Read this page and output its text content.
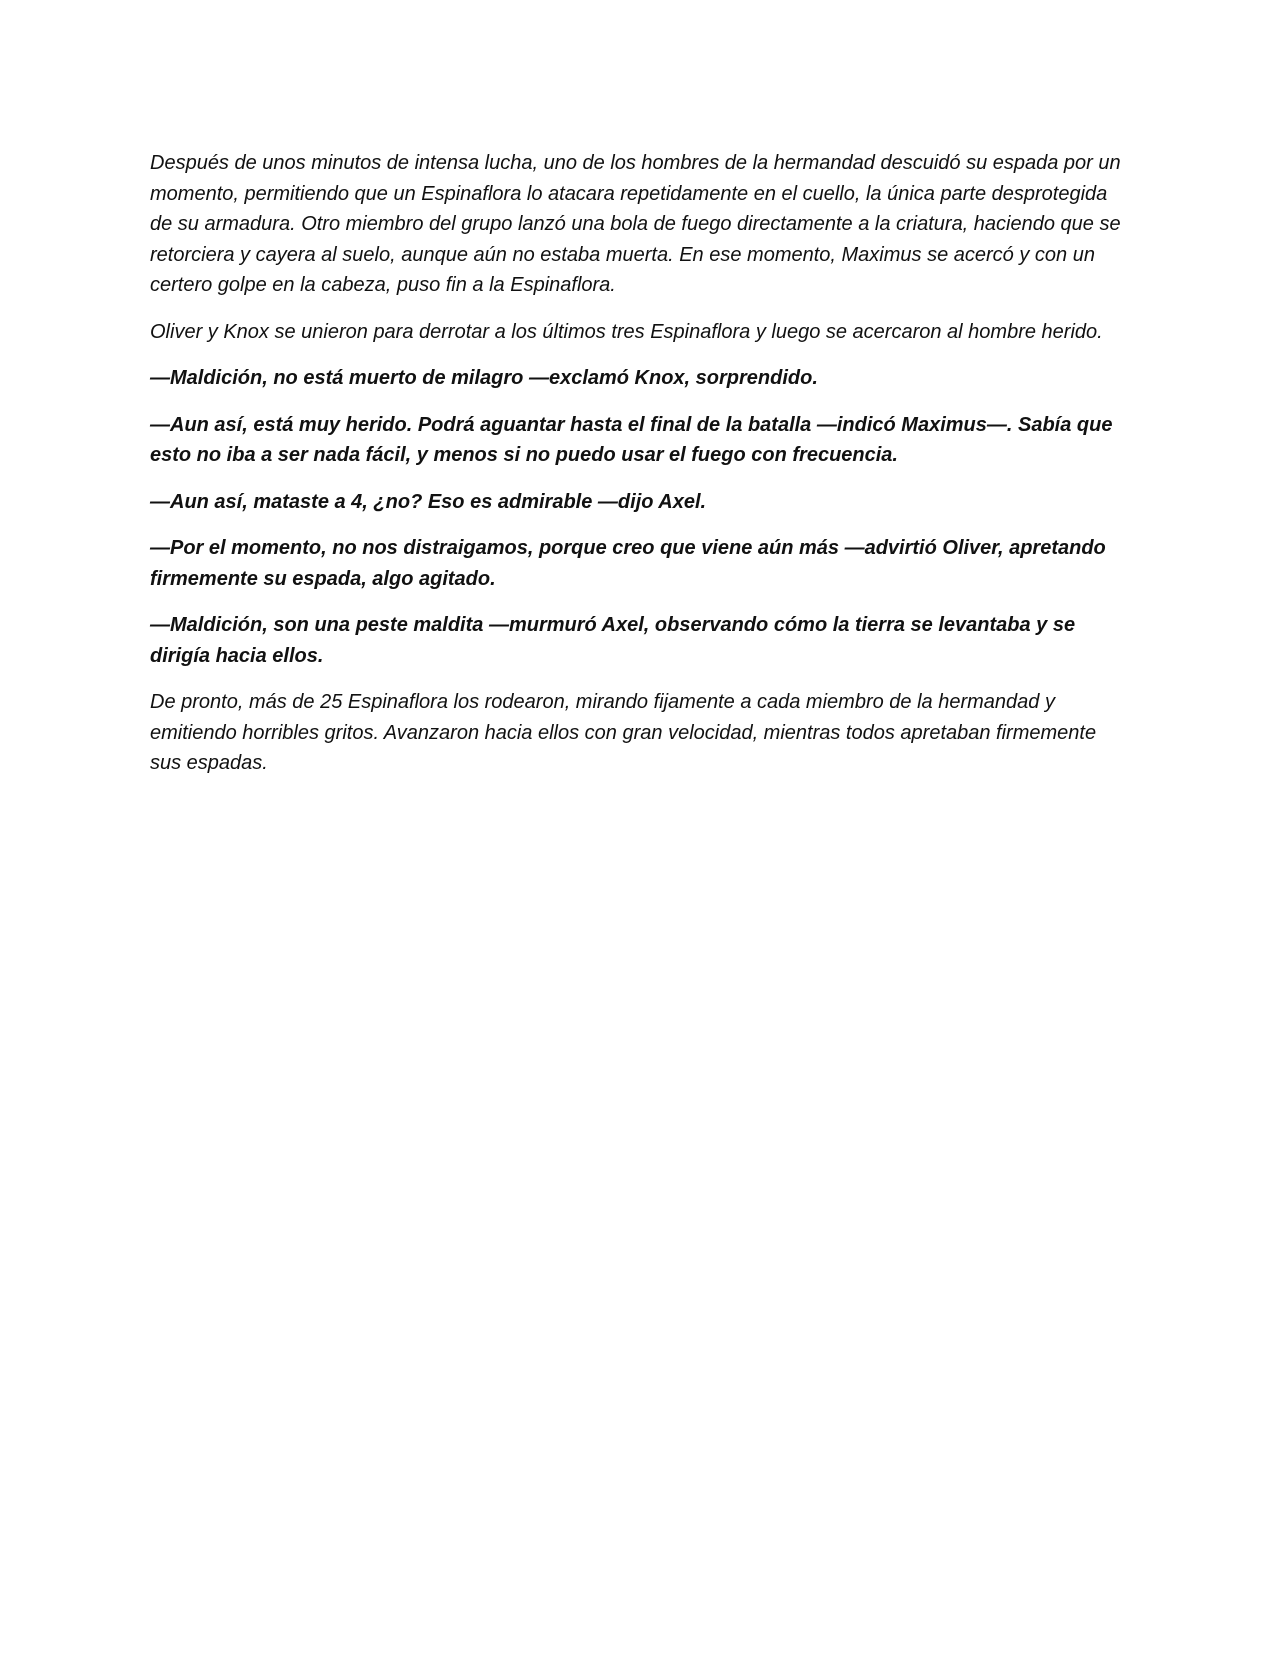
Después de unos minutos de intensa lucha, uno de los hombres de la hermandad descuidó su espada por un momento, permitiendo que un Espinaflora lo atacara repetidamente en el cuello, la única parte desprotegida de su armadura. Otro miembro del grupo lanzó una bola de fuego directamente a la criatura, haciendo que se retorciera y cayera al suelo, aunque aún no estaba muerta. En ese momento, Maximus se acercó y con un certero golpe en la cabeza, puso fin a la Espinaflora.

Oliver y Knox se unieron para derrotar a los últimos tres Espinaflora y luego se acercaron al hombre herido.

—Maldición, no está muerto de milagro —exclamó Knox, sorprendido.

—Aun así, está muy herido. Podrá aguantar hasta el final de la batalla —indicó Maximus—. Sabía que esto no iba a ser nada fácil, y menos si no puedo usar el fuego con frecuencia.

—Aun así, mataste a 4, ¿no? Eso es admirable —dijo Axel.

—Por el momento, no nos distraigamos, porque creo que viene aún más —advirtió Oliver, apretando firmemente su espada, algo agitado.

—Maldición, son una peste maldita —murmuró Axel, observando cómo la tierra se levantaba y se dirigía hacia ellos.

De pronto, más de 25 Espinaflora los rodearon, mirando fijamente a cada miembro de la hermandad y emitiendo horribles gritos. Avanzaron hacia ellos con gran velocidad, mientras todos apretaban firmemente sus espadas.
